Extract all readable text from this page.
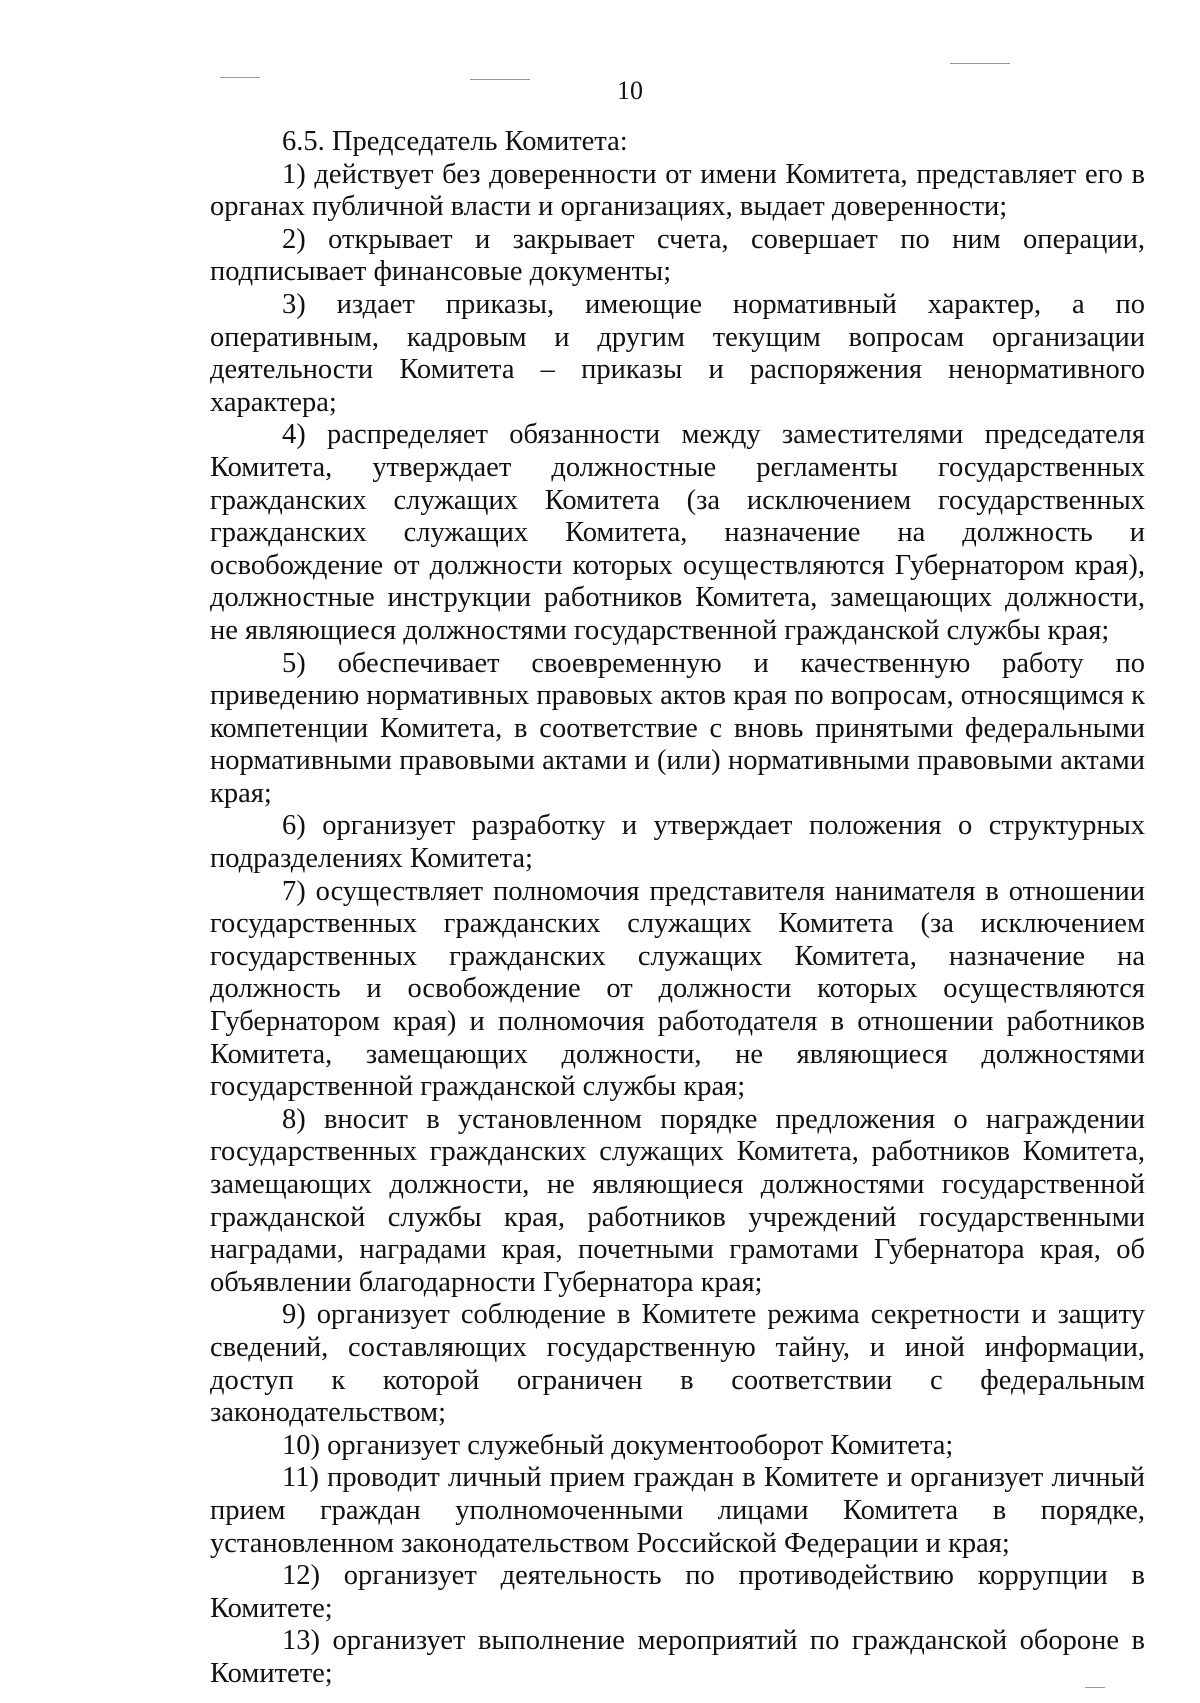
10

6.5. Председатель Комитета:

1) действует без доверенности от имени Комитета, представляет его в органах публичной власти и организациях, выдает доверенности;

2) открывает и закрывает счета, совершает по ним операции, подписывает финансовые документы;

3) издает приказы, имеющие нормативный характер, а по оперативным, кадровым и другим текущим вопросам организации деятельности Комитета – приказы и распоряжения ненормативного характера;

4) распределяет обязанности между заместителями председателя Комитета, утверждает должностные регламенты государственных гражданских служащих Комитета (за исключением государственных гражданских служащих Комитета, назначение на должность и освобождение от должности которых осуществляются Губернатором края), должностные инструкции работников Комитета, замещающих должности, не являющиеся должностями государственной гражданской службы края;

5) обеспечивает своевременную и качественную работу по приведению нормативных правовых актов края по вопросам, относящимся к компетенции Комитета, в соответствие с вновь принятыми федеральными нормативными правовыми актами и (или) нормативными правовыми актами края;

6) организует разработку и утверждает положения о структурных подразделениях Комитета;

7) осуществляет полномочия представителя нанимателя в отношении государственных гражданских служащих Комитета (за исключением государственных гражданских служащих Комитета, назначение на должность и освобождение от должности которых осуществляются Губернатором края) и полномочия работодателя в отношении работников Комитета, замещающих должности, не являющиеся должностями государственной гражданской службы края;

8) вносит в установленном порядке предложения о награждении государственных гражданских служащих Комитета, работников Комитета, замещающих должности, не являющиеся должностями государственной гражданской службы края, работников учреждений государственными наградами, наградами края, почетными грамотами Губернатора края, об объявлении благодарности Губернатора края;

9) организует соблюдение в Комитете режима секретности и защиту сведений, составляющих государственную тайну, и иной информации, доступ к которой ограничен в соответствии с федеральным законодательством;

10) организует служебный документооборот Комитета;

11) проводит личный прием граждан в Комитете и организует личный прием граждан уполномоченными лицами Комитета в порядке, установленном законодательством Российской Федерации и края;

12) организует деятельность по противодействию коррупции в Комитете;

13) организует выполнение мероприятий по гражданской обороне в Комитете;
